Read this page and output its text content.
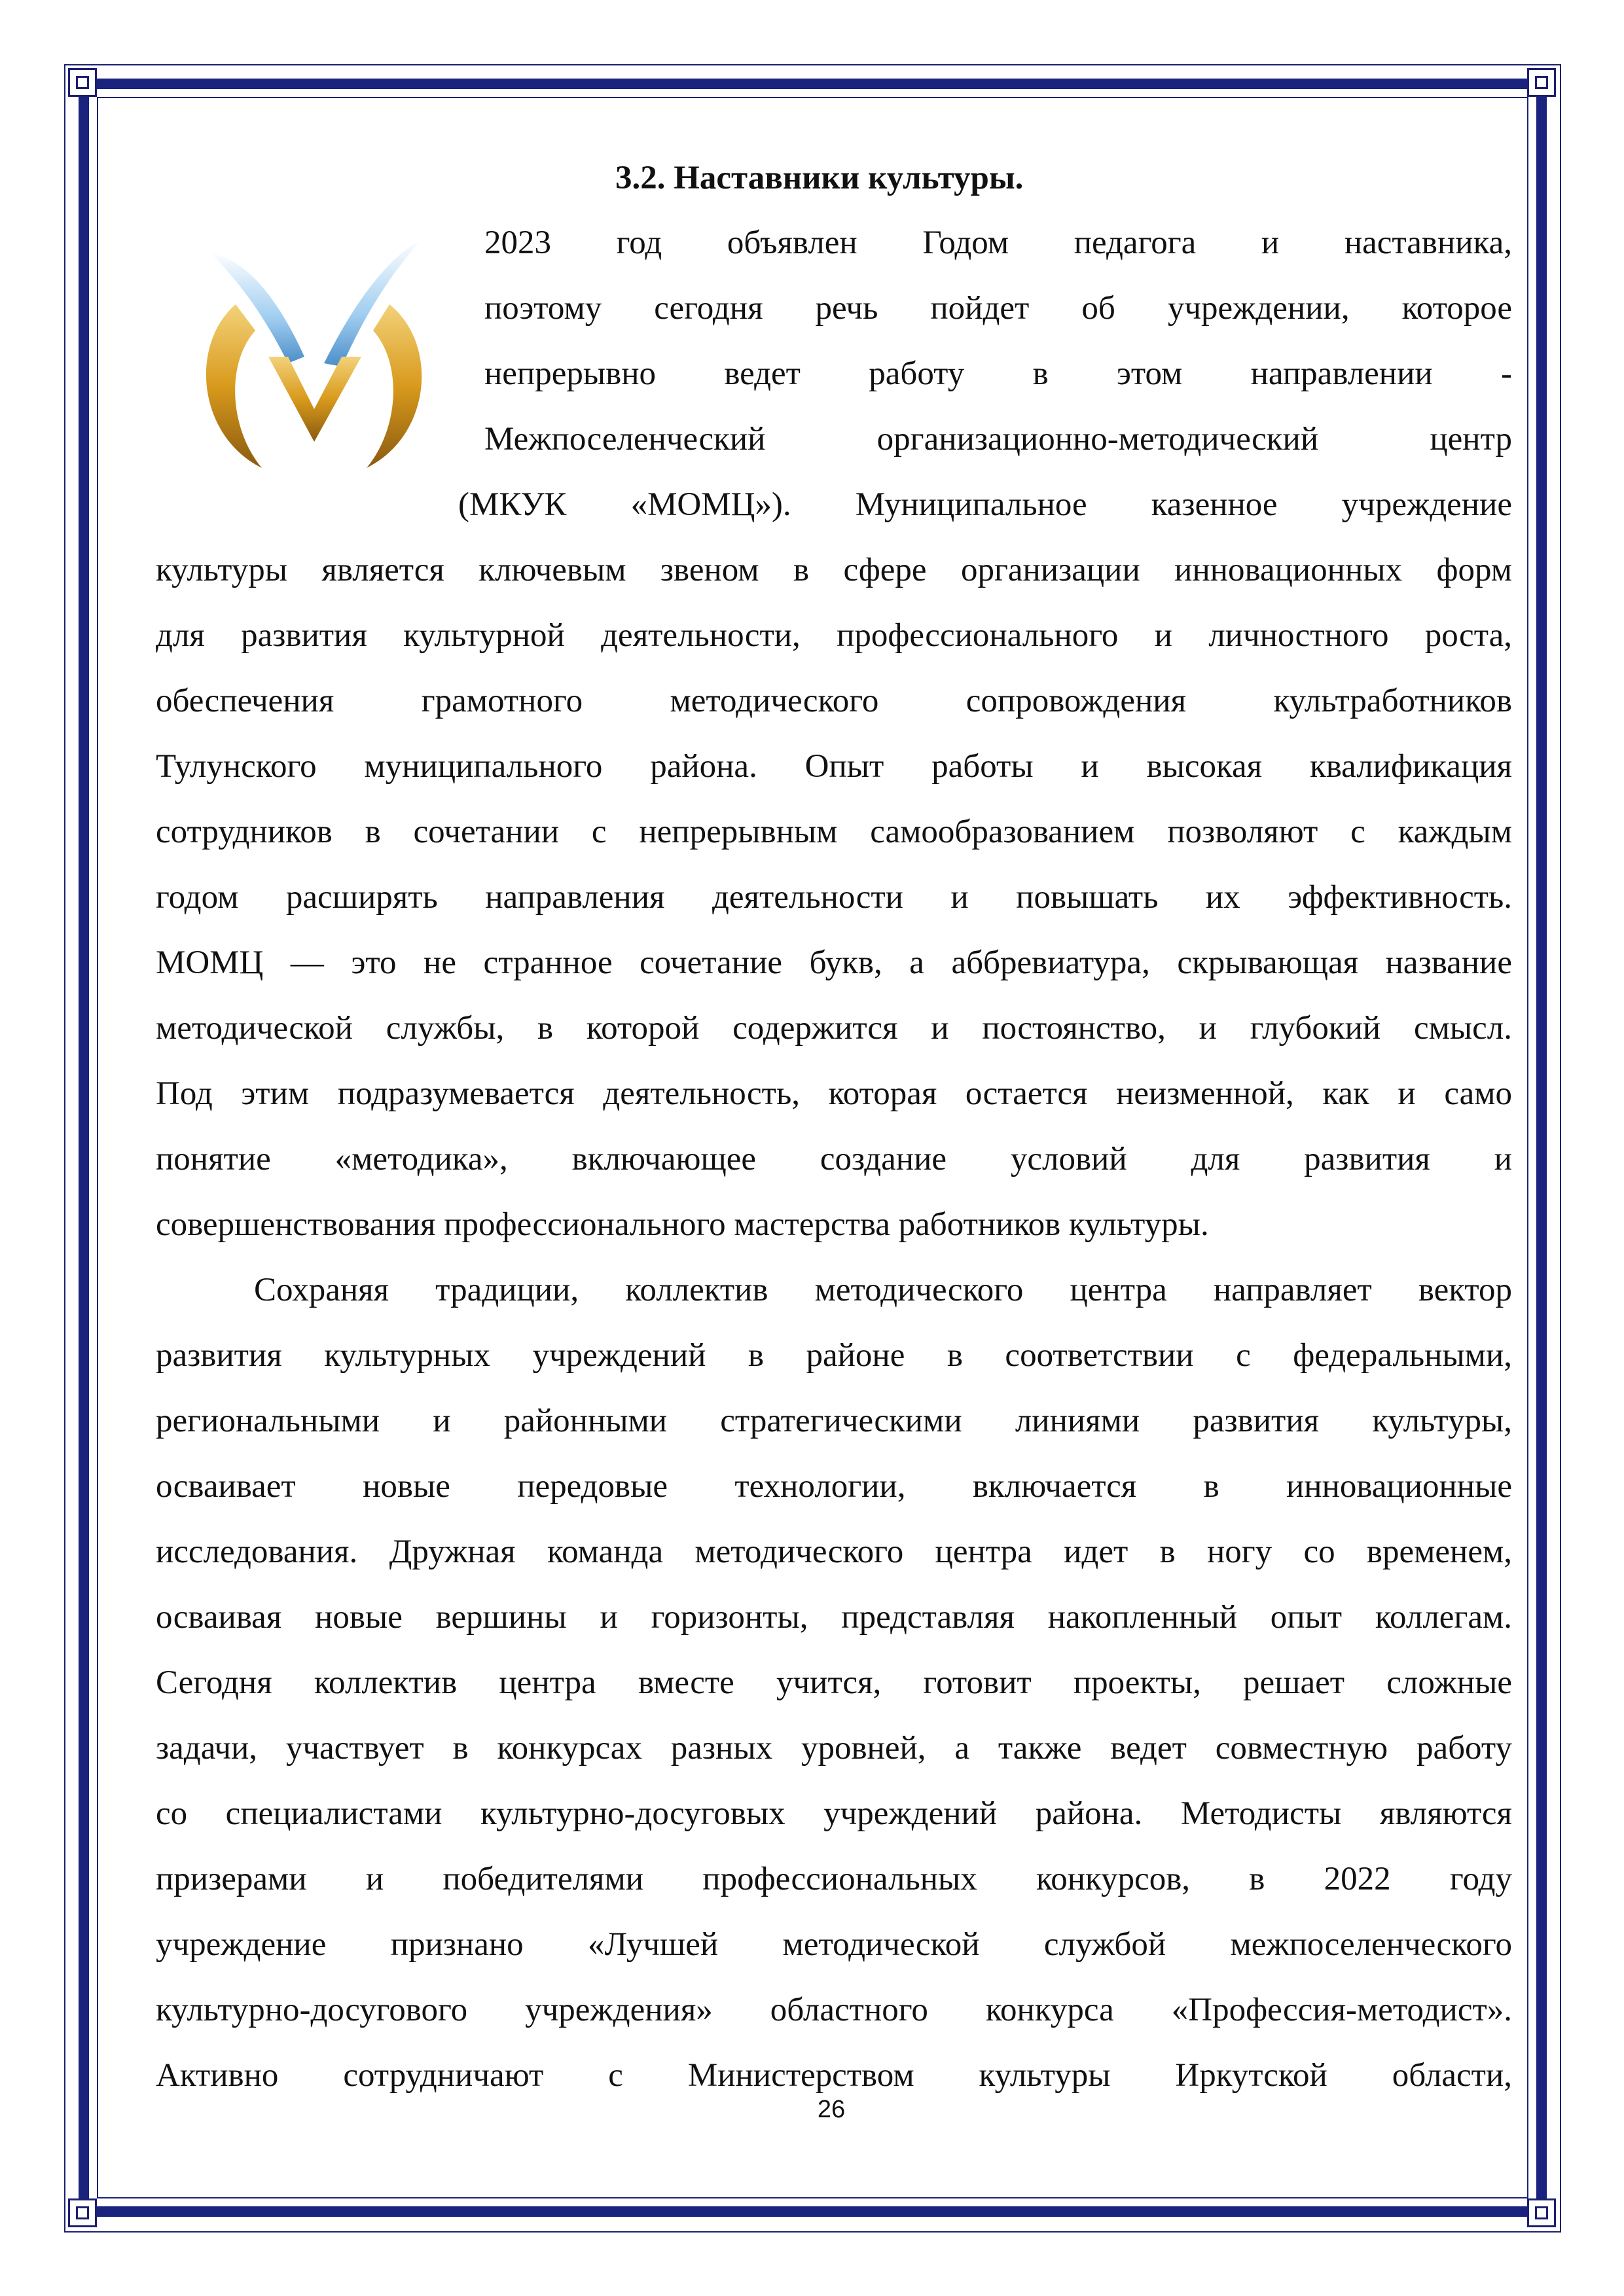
3.2. Наставники культуры.
2023 год объявлен Годом педагога и наставника,
поэтому сегодня речь пойдет об учреждении, которое
непрерывно ведет работу в этом направлении -
Межпоселенческий организационно-методический центр
(МКУК «МОМЦ»). Муниципальное казенное учреждение
культуры является ключевым звеном в сфере организации инновационных форм
для развития культурной деятельности, профессионального и личностного роста,
обеспечения грамотного методического сопровождения культработников
Тулунского муниципального района. Опыт работы и высокая квалификация
сотрудников в сочетании с непрерывным самообразованием позволяют с каждым
годом расширять направления деятельности и повышать их эффективность.
МОМЦ — это не странное сочетание букв, а аббревиатура, скрывающая название
методической службы, в которой содержится и постоянство, и глубокий смысл.
Под этим подразумевается деятельность, которая остается неизменной, как и само
понятие «методика», включающее создание условий для развития и
совершенствования профессионального мастерства работников культуры.
Сохраняя традиции, коллектив методического центра направляет вектор
развития культурных учреждений в районе в соответствии с федеральными,
региональными и районными стратегическими линиями развития культуры,
осваивает новые передовые технологии, включается в инновационные
исследования. Дружная команда методического центра идет в ногу со временем,
осваивая новые вершины и горизонты, представляя накопленный опыт коллегам.
Сегодня коллектив центра вместе учится, готовит проекты, решает сложные
задачи, участвует в конкурсах разных уровней, а также ведет совместную работу
со специалистами культурно-досуговых учреждений района. Методисты являются
призерами и победителями профессиональных конкурсов, в 2022 году
учреждение признано «Лучшей методической службой межпоселенческого
культурно-досугового учреждения» областного конкурса «Профессия-методист».
Активно сотрудничают с Министерством культуры Иркутской области,
26
